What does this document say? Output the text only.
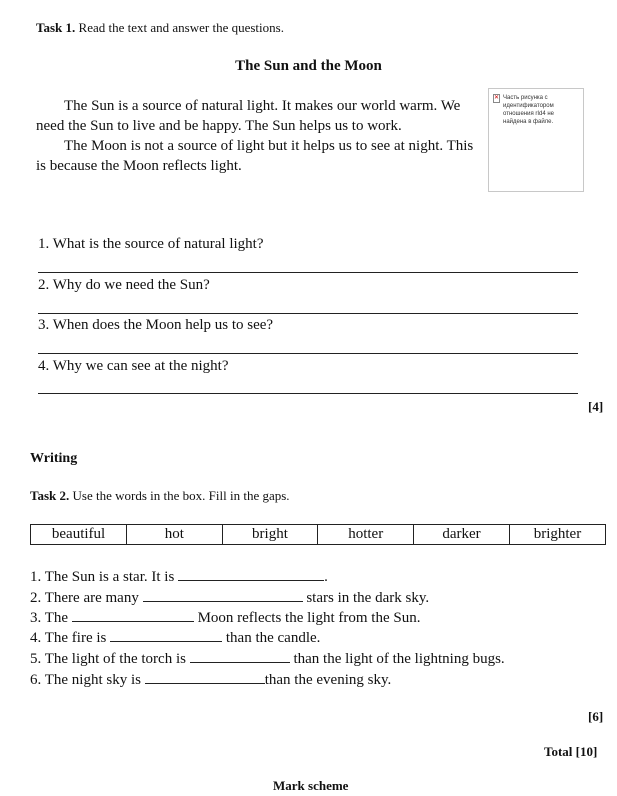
Task 1. Read the text and answer the questions.
The Sun and the Moon
The Sun is a source of natural light. It makes our world warm. We need the Sun to live and be happy. The Sun helps us to work.
The Moon is not a source of light but it helps us to see at night. This is because the Moon reflects light.
✕ Часть рисунка с идентификатором отношения rId4 не найдена в файле.
1. What is the source of natural light?
2. Why do we need the Sun?
3. When does the Moon help us to see?
4. Why we can see at the night?
[4]
Writing
Task 2. Use the words in the box. Fill in the gaps.
beautiful	hot	bright	hotter	darker	brighter
1. The Sun is a star. It is	.
2. There are many	stars in the dark sky.
3. The	Moon reflects the light from the Sun.
4. The fire is	than the candle.
5. The light of the torch is	than the light of the lightning bugs.
6. The night sky is	than the evening sky.
[6]
Total [10]
Mark scheme
